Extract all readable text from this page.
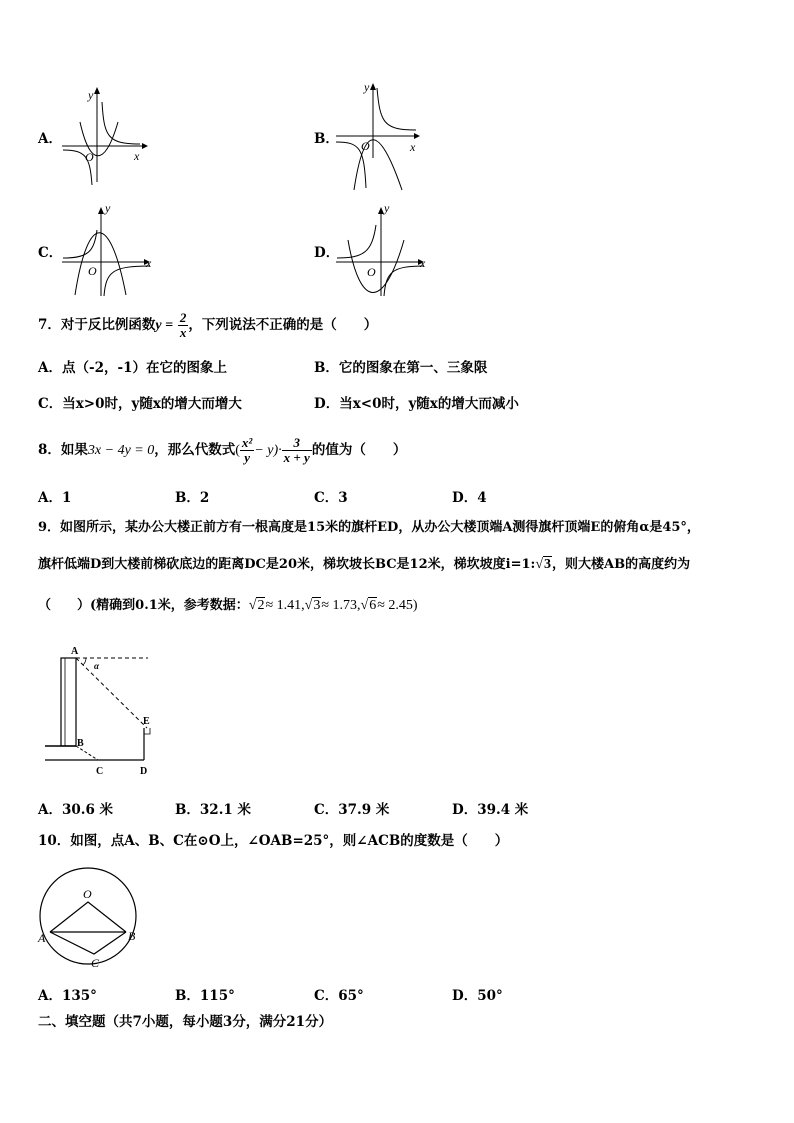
A．
y
x
O
B．
y
x
O
C．
y
x
O
D．
y
x
O
7．对于反比例函数$y = \frac{2}{x}$ ，下列说法不正确的是（　　）
A．点（-2，-1）在它的图象上	B．它的图象在第一、三象限
C．当x>0时，y随x的增大而增大	D．当x<0时，y随x的增大而减小
8．如果3x − 4y = 0，那么代数式( $\frac{\text{x²}}{y} - y)\cdot \frac{3}{x + y}$ 的值为（　　）
A．1	B．2	C．3	D．4
9．如图所示，某办公大楼正前方有一根高度是15米的旗杆ED，从办公大楼顶端A测得旗杆顶端E的俯角α是45°，
旗杆低端D到大楼前梯砍底边的距离DC是20米，梯坎坡长BC是12米，梯坎坡度i=1:√3，则大楼AB的高度约为
（　　）(精确到0.1米，参考数据：√2≈ 1.41,√3≈ 1.73,√6≈ 2.45)
A
α
B
C	D
E
A．30.6 米	B．32.1 米	C．37.9 米	D．39.4 米
10．如图，点A、B、C在⊙O上，∠OAB=25°，则∠ACB的度数是（　　）
O
A	B
C
A．135°	B．115°	C．65°	D．50°
二、填空题（共7小题，每小题3分，满分21分）
